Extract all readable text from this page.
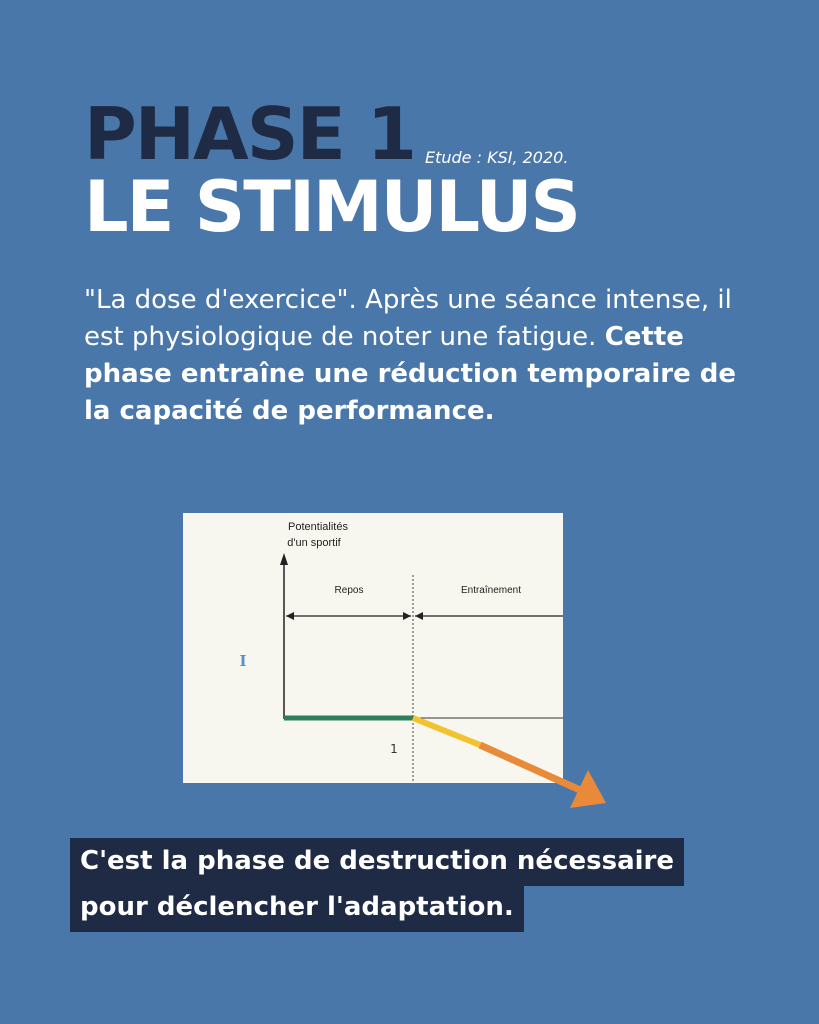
PHASE 1 Etude : KSI, 2020.
LE STIMULUS

"La dose d'exercice". Après une séance intense, il est physiologique de noter une fatigue. Cette phase entraîne une réduction temporaire de la capacité de performance.

Potentialités
d'un sportif
Repos	Entraînement
I
1
C'est la phase de destruction nécessaire
pour déclencher l'adaptation.
